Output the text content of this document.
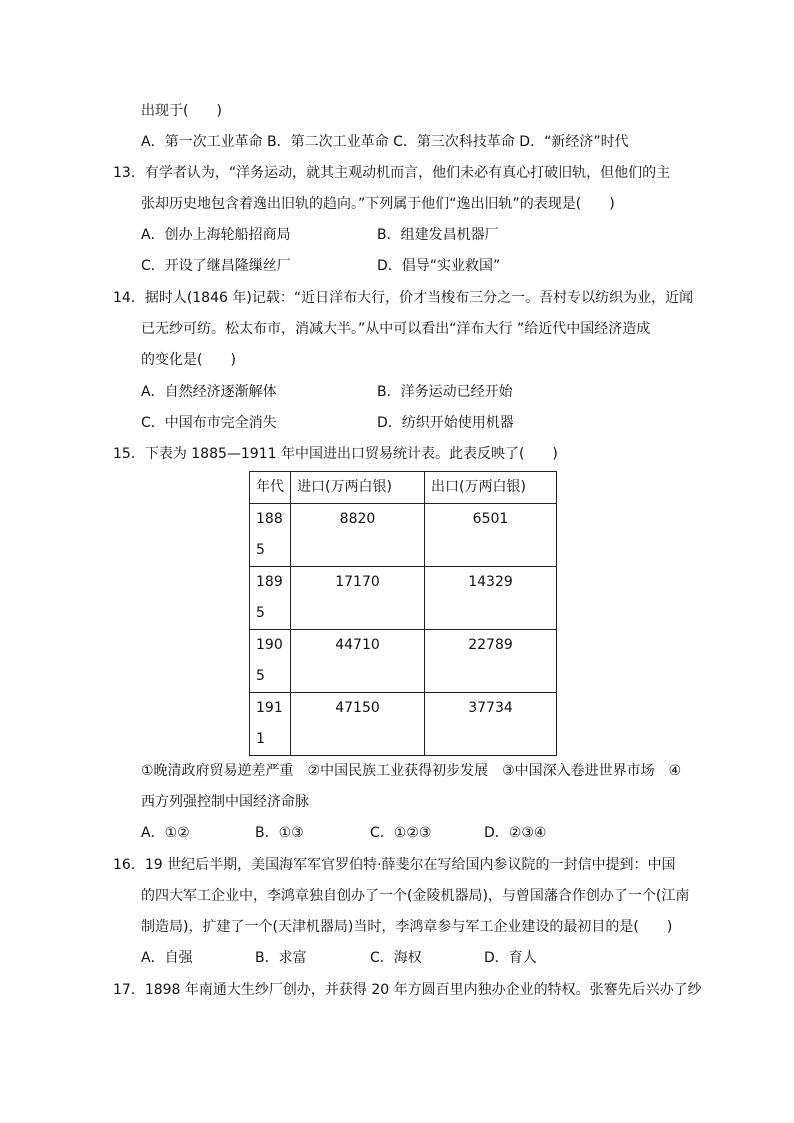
出现于(　　)
A．第一次工业革命 B．第二次工业革命 C．第三次科技革命 D．“新经济”时代
13．有学者认为，“洋务运动，就其主观动机而言，他们未必有真心打破旧轨，但他们的主
张却历史地包含着逸出旧轨的趋向。”下列属于他们“逸出旧轨”的表现是(　　)
A．创办上海轮船招商局	B．组建发昌机器厂
C．开设了继昌隆缫丝厂	D．倡导“实业救国”
14．据时人(1846 年)记载：“近日洋布大行，价才当梭布三分之一。吾村专以纺织为业，近闻
已无纱可纺。松太布市，消减大半。”从中可以看出“洋布大行 ”给近代中国经济造成
的变化是(　　)
A．自然经济逐渐解体	B．洋务运动已经开始
C．中国布市完全消失	D．纺织开始使用机器
15．下表为 1885—1911 年中国进出口贸易统计表。此表反映了(　　)
年代	进口(万两白银)	出口(万两白银)
188
5	8820	6501
189
5	17170	14329
190
5	44710	22789
191
1	47150	37734
①晚清政府贸易逆差严重　②中国民族工业获得初步发展　③中国深入卷进世界市场　④
西方列强控制中国经济命脉
A．①②	B．①③	C．①②③	D．②③④
16．19 世纪后半期，美国海军军官罗伯特·薛斐尔在写给国内参议院的一封信中提到：中国
的四大军工企业中，李鸿章独自创办了一个(金陵机器局)，与曾国藩合作创办了一个(江南
制造局)，扩建了一个(天津机器局)当时，李鸿章参与军工企业建设的最初目的是(　　)
A．自强	B．求富	C．海权	D．育人
17．1898 年南通大生纱厂创办，并获得 20 年方圆百里内独办企业的特权。张謇先后兴办了纱
